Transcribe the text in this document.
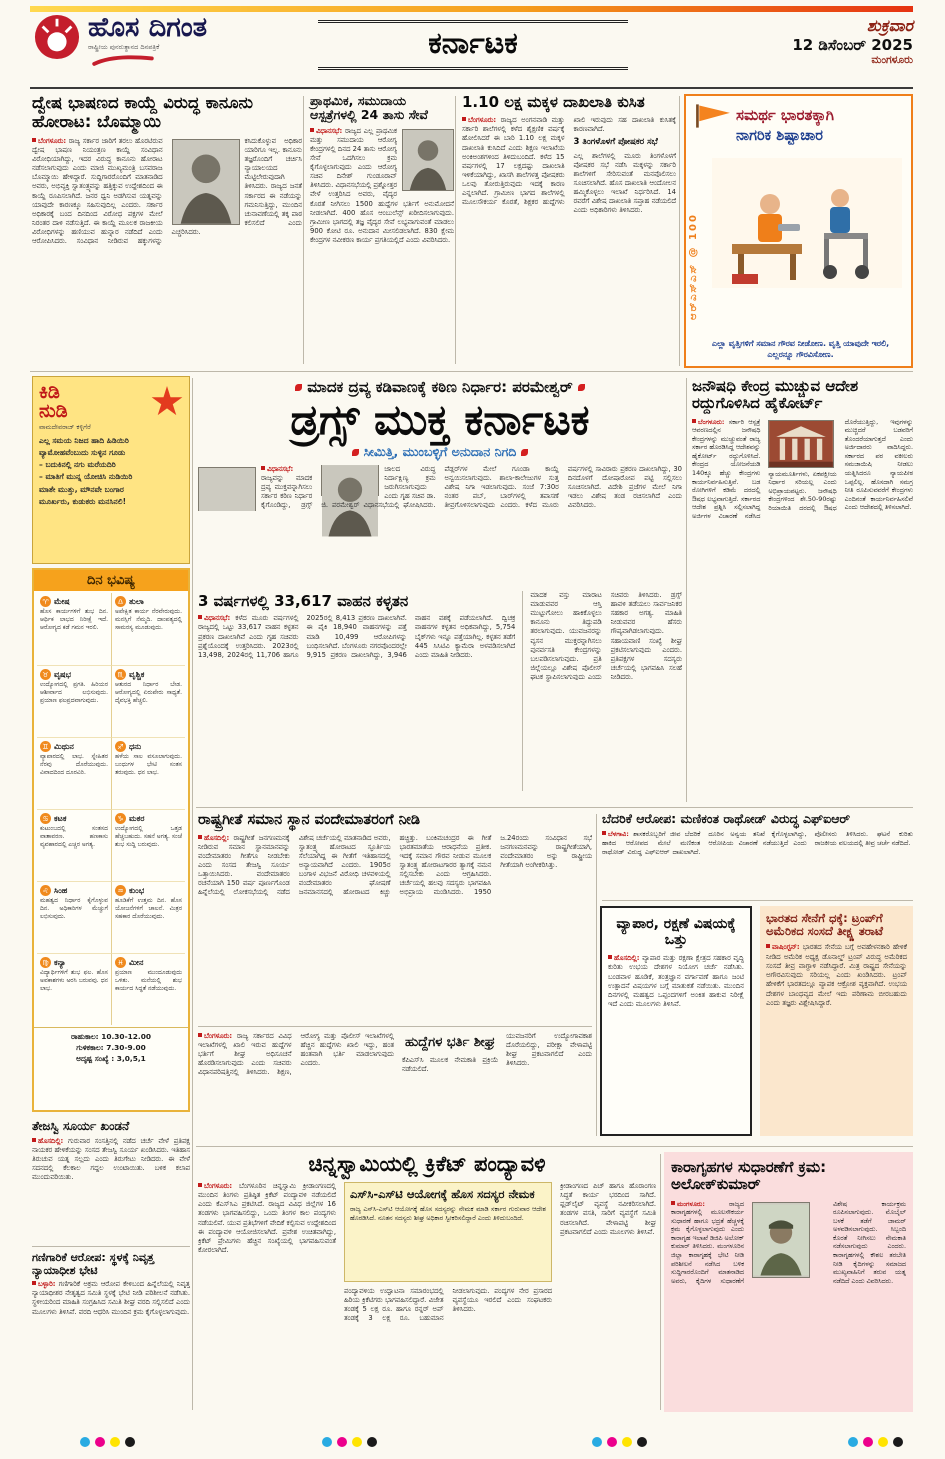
ಹೊಸ ದಿಗಂತ
ರಾಷ್ಟ್ರೀಯ ಪುನರುತ್ಥಾನದ ದಿನಪತ್ರಿಕೆ	ಕರ್ನಾಟಕ
ಶುಕ್ರವಾರ
12 ಡಿಸೆಂಬರ್ 2025
ಮಂಗಳೂರು
ದ್ವೇಷ ಭಾಷಣದ ಕಾಯ್ದೆ ವಿರುದ್ಧ ಕಾನೂನು ಹೋರಾಟ: ಬೊಮ್ಮಾಯಿ
ಬೆಂಗಳೂರು: ರಾಜ್ಯ ಸರ್ಕಾರ ಜಾರಿಗೆ ತರಲು ಹೊರಟಿರುವ ದ್ವೇಷ ಭಾಷಣ ನಿಯಂತ್ರಣ ಕಾಯ್ದೆ ಸಂವಿಧಾನ ವಿರೋಧಿಯಾಗಿದ್ದು, ಇದರ ವಿರುದ್ಧ ಕಾನೂನು ಹೋರಾಟ ನಡೆಸಲಾಗುವುದು ಎಂದು ಮಾಜಿ ಮುಖ್ಯಮಂತ್ರಿ ಬಸವರಾಜ ಬೊಮ್ಮಾಯಿ ಹೇಳಿದ್ದಾರೆ. ಸುದ್ದಿಗಾರರೊಂದಿಗೆ ಮಾತನಾಡಿದ ಅವರು, ಅಭಿವ್ಯಕ್ತಿ ಸ್ವಾತಂತ್ರ್ಯವನ್ನು ಹತ್ತಿಕ್ಕುವ ಉದ್ದೇಶದಿಂದ ಈ ಕಾಯ್ದೆ ರೂಪಿಸಲಾಗಿದೆ. ಜನರ ಧ್ವನಿ ಅಡಗಿಸುವ ಯತ್ನವನ್ನು ಯಾವುದೇ ಕಾರಣಕ್ಕೂ ಸಹಿಸುವುದಿಲ್ಲ ಎಂದರು. ಸರ್ಕಾರ ಅಧಿಕಾರಕ್ಕೆ ಬಂದ ದಿನದಿಂದ ವಿರೋಧ ಪಕ್ಷಗಳ ಮೇಲೆ ನಿರಂತರ ದಾಳಿ ನಡೆಸುತ್ತಿದೆ. ಈ ಕಾಯ್ದೆ ಮೂಲಕ ರಾಜಕೀಯ ವಿರೋಧಿಗಳನ್ನು ಹಣಿಯುವ ಹುನ್ನಾರ ನಡೆದಿದೆ ಎಂದು ಆರೋಪಿಸಿದರು. ಸಂವಿಧಾನ ನೀಡಿರುವ ಹಕ್ಕುಗಳನ್ನು ಕಸಿದುಕೊಳ್ಳುವ ಅಧಿಕಾರ ಯಾರಿಗೂ ಇಲ್ಲ. ಕಾನೂನು ತಜ್ಞರೊಂದಿಗೆ ಚರ್ಚಿಸಿ ನ್ಯಾಯಾಲಯದ ಮೆಟ್ಟಿಲೇರುವುದಾಗಿ ತಿಳಿಸಿದರು. ರಾಜ್ಯದ ಜನತೆ ಸರ್ಕಾರದ ಈ ನಡೆಯನ್ನು ಗಮನಿಸುತ್ತಿದ್ದು, ಮುಂದಿನ ಚುನಾವಣೆಯಲ್ಲಿ ತಕ್ಕ ಪಾಠ ಕಲಿಸಲಿದೆ ಎಂದು ಎಚ್ಚರಿಸಿದರು.
ಪ್ರಾಥಮಿಕ, ಸಮುದಾಯ ಆಸ್ಪತ್ರೆಗಳಲ್ಲಿ 24 ತಾಸು ಸೇವೆ
ವಿಧಾನಸಭೆ: ರಾಜ್ಯದ ಎಲ್ಲ ಪ್ರಾಥಮಿಕ ಮತ್ತು ಸಮುದಾಯ ಆರೋಗ್ಯ ಕೇಂದ್ರಗಳಲ್ಲಿ ದಿನದ 24 ತಾಸು ಆರೋಗ್ಯ ಸೇವೆ ಒದಗಿಸಲು ಕ್ರಮ ಕೈಗೊಳ್ಳಲಾಗುವುದು ಎಂದು ಆರೋಗ್ಯ ಸಚಿವ ದಿನೇಶ್ ಗುಂಡೂರಾವ್ ತಿಳಿಸಿದರು. ವಿಧಾನಸಭೆಯಲ್ಲಿ ಪ್ರಶ್ನೋತ್ತರ ವೇಳೆ ಉತ್ತರಿಸಿದ ಅವರು, ವೈದ್ಯರ ಕೊರತೆ ನೀಗಿಸಲು 1500 ಹುದ್ದೆಗಳ ಭರ್ತಿಗೆ ಅನುಮೋದನೆ ನೀಡಲಾಗಿದೆ. 400 ಹೊಸ ಆಂಬುಲೆನ್ಸ್ ಖರೀದಿಸಲಾಗುವುದು. ಗ್ರಾಮೀಣ ಭಾಗದಲ್ಲಿ ತಜ್ಞ ವೈದ್ಯರ ಸೇವೆ ಲಭ್ಯವಾಗುವಂತೆ ಮಾಡಲು 900 ಕೋಟಿ ರೂ. ಅನುದಾನ ಮೀಸಲಿಡಲಾಗಿದೆ. 830 ಕ್ಷೇಮ ಕೇಂದ್ರಗಳ ನವೀಕರಣ ಕಾರ್ಯ ಪ್ರಗತಿಯಲ್ಲಿದೆ ಎಂದು ವಿವರಿಸಿದರು.
1.10 ಲಕ್ಷ ಮಕ್ಕಳ ದಾಖಲಾತಿ ಕುಸಿತ
ಬೆಂಗಳೂರು: ರಾಜ್ಯದ ಅಂಗನವಾಡಿ ಮತ್ತು ಸರ್ಕಾರಿ ಶಾಲೆಗಳಲ್ಲಿ ಕಳೆದ ಶೈಕ್ಷಣಿಕ ವರ್ಷಕ್ಕೆ ಹೋಲಿಸಿದರೆ ಈ ಬಾರಿ 1.10 ಲಕ್ಷ ಮಕ್ಕಳ ದಾಖಲಾತಿ ಕುಸಿದಿದೆ ಎಂದು ಶಿಕ್ಷಣ ಇಲಾಖೆಯ ಅಂಕಿಅಂಶಗಳಿಂದ ತಿಳಿದುಬಂದಿದೆ. ಕಳೆದ 15 ವರ್ಷಗಳಲ್ಲಿ 17 ಲಕ್ಷದಷ್ಟು ದಾಖಲಾತಿ ಇಳಿಕೆಯಾಗಿದ್ದು, ಖಾಸಗಿ ಶಾಲೆಗಳತ್ತ ಪೋಷಕರು ಒಲವು ತೋರುತ್ತಿರುವುದು ಇದಕ್ಕೆ ಕಾರಣ ಎನ್ನಲಾಗಿದೆ. ಗ್ರಾಮೀಣ ಭಾಗದ ಶಾಲೆಗಳಲ್ಲಿ ಮೂಲಸೌಕರ್ಯ ಕೊರತೆ, ಶಿಕ್ಷಕರ ಹುದ್ದೆಗಳು ಖಾಲಿ ಇರುವುದು ಸಹ ದಾಖಲಾತಿ ಕುಸಿತಕ್ಕೆ ಕಾರಣವಾಗಿದೆ.
3 ತಿಂಗಳೊಳಗೆ ಪೋಷಕರ ಸಭೆ
ಎಲ್ಲ ಶಾಲೆಗಳಲ್ಲಿ ಮೂರು ತಿಂಗಳೊಳಗೆ ಪೋಷಕರ ಸಭೆ ನಡೆಸಿ ಮಕ್ಕಳನ್ನು ಸರ್ಕಾರಿ ಶಾಲೆಗಳಿಗೆ ಸೇರಿಸುವಂತೆ ಮನವೊಲಿಸಲು ಸೂಚಿಸಲಾಗಿದೆ. ಹೊಸ ದಾಖಲಾತಿ ಆಂದೋಲನ ಹಮ್ಮಿಕೊಳ್ಳಲು ಇಲಾಖೆ ನಿರ್ಧರಿಸಿದೆ. 14 ರವರೆಗೆ ವಿಶೇಷ ದಾಖಲಾತಿ ಸಪ್ತಾಹ ನಡೆಯಲಿದೆ ಎಂದು ಅಧಿಕಾರಿಗಳು ತಿಳಿಸಿದರು.
ಸಮರ್ಥ ಭಾರತಕ್ಕಾಗಿ
ನಾಗರಿಕ ಶಿಷ್ಟಾಚಾರ
ಆರ್‌ಎಸ್‌ಎಸ್ @ 100
ಎಲ್ಲಾ ವೃತ್ತಿಗಳಿಗೆ ಸಮಾನ ಗೌರವ ನೀಡೋಣ. ವೃತ್ತಿ ಯಾವುದೇ ಇರಲಿ, ಎಲ್ಲರನ್ನೂ ಗೌರವಿಸೋಣ.
ಕಿಡಿ
ನುಡಿ
ವಾಮದೇವರಾಜ್ ಕಳ್ಳಿಗೆರೆ
ಎಲ್ಲ ಸಮಯ ನಿಜದ ಹಾದಿ ಹಿಡಿಯಿರಿ
ವ್ಯಾಮೋಹವೆಂಬುದು ಸುಳ್ಳಿನ ಗೂಡು
– ಬದುಕಿನಲ್ಲಿ ನಗು ಮರೆಯದಿರಿ
– ಮಾತಿಗೆ ಮುನ್ನ ಯೋಚಿಸಿ ನುಡಿಯಿರಿ
ಮಾತೇ ಮುತ್ತು, ಮೌನವೇ ಬಂಗಾರ
ಮೂರ್ಖರು, ಕುಡುಕರು ಮನಸಿನಲಿ!
ದಿನ ಭವಿಷ್ಯ
♈ ಮೇಷ
ಹೊಸ ಕಾರ್ಯಗಳಿಗೆ ಶುಭ ದಿನ. ಆರ್ಥಿಕ ಲಾಭದ ನಿರೀಕ್ಷೆ ಇದೆ. ಆರೋಗ್ಯದ ಕಡೆ ಗಮನ ಇರಲಿ.
♎ ತುಲಾ
ಅಪೇಕ್ಷಿತ ಕಾರ್ಯ ನೆರವೇರುವುದು. ಮನಸ್ಸಿಗೆ ನೆಮ್ಮದಿ. ದಾಂಪತ್ಯದಲ್ಲಿ ಸಾಮರಸ್ಯ ಮೂಡುವುದು.
♉ ವೃಷಭ
ಉದ್ಯೋಗದಲ್ಲಿ ಪ್ರಗತಿ. ಹಿರಿಯರ ಆಶೀರ್ವಾದ ಲಭಿಸುವುದು. ಪ್ರಯಾಣ ಫಲಪ್ರದವಾಗುವುದು.
♏ ವೃಶ್ಚಿಕ
ಆತುರದ ನಿರ್ಧಾರ ಬೇಡ. ಆರೋಗ್ಯದಲ್ಲಿ ಏರುಪೇರು ಸಾಧ್ಯತೆ. ದೈವಭಕ್ತಿ ಹೆಚ್ಚಲಿ.
♊ ಮಿಥುನ
ವ್ಯಾಪಾರದಲ್ಲಿ ಲಾಭ. ಸ್ನೇಹಿತರ ನೆರವು ದೊರೆಯುವುದು. ವಿವಾದದಿಂದ ದೂರವಿರಿ.
♐ ಧನು
ಹಳೆಯ ಸಾಲ ವಸೂಲಾಗುವುದು. ಬಂಧುಗಳ ಭೇಟಿ ಸಂತಸ ತರುವುದು. ಧನ ಲಾಭ.
♋ ಕಟಕ
ಕುಟುಂಬದಲ್ಲಿ ಸಂತಸದ ವಾತಾವರಣ. ಹಣಕಾಸು ವ್ಯವಹಾರದಲ್ಲಿ ಎಚ್ಚರ ಅಗತ್ಯ.
♑ ಮಕರ
ಉದ್ಯೋಗದಲ್ಲಿ ಒತ್ತಡ ಹೆಚ್ಚಬಹುದು. ಸಹನೆ ಅಗತ್ಯ. ಸಂಜೆ ಶುಭ ಸುದ್ದಿ ಬರುವುದು.
♌ ಸಿಂಹ
ಮಹತ್ವದ ನಿರ್ಧಾರ ಕೈಗೊಳ್ಳುವ ದಿನ. ಅಧಿಕಾರಿಗಳ ಮೆಚ್ಚುಗೆ ಲಭಿಸುವುದು.
♒ ಕುಂಭ
ಹೂಡಿಕೆಗೆ ಉತ್ತಮ ದಿನ. ಹೊಸ ಯೋಜನೆಗಳಿಗೆ ಚಾಲನೆ. ಮಿತ್ರರ ಸಹಕಾರ ದೊರೆಯುವುದು.
♍ ಕನ್ಯಾ
ವಿದ್ಯಾರ್ಥಿಗಳಿಗೆ ಶುಭ ಫಲ. ಹೊಸ ಅವಕಾಶಗಳು ಅರಸಿ ಬರುವವು. ಧನ ಲಾಭ.
♓ ಮೀನ
ಪ್ರಯಾಣ ಮುಂದೂಡುವುದು ಒಳಿತು. ಮನೆಯಲ್ಲಿ ಶುಭ ಕಾರ್ಯದ ಸಿದ್ಧತೆ ನಡೆಯುವುದು.
ರಾಹುಕಾಲ: 10.30-12.00
ಗುಳಿಕಕಾಲ: 7.30-9.00
ಅದೃಷ್ಟ ಸಂಖ್ಯೆ : 3,0,5,1
ತೇಜಸ್ವಿ ಸೂರ್ಯ ಖಂಡನೆ
ಹೊಸದಿಲ್ಲಿ: ಗುರುವಾರ ಸಂಸತ್ತಿನಲ್ಲಿ ನಡೆದ ಚರ್ಚೆ ವೇಳೆ ಪ್ರತಿಪಕ್ಷ ನಾಯಕರ ಹೇಳಿಕೆಯನ್ನು ಸಂಸದ ತೇಜಸ್ವಿ ಸೂರ್ಯ ಖಂಡಿಸಿದರು. ಇತಿಹಾಸ ತಿರುಚುವ ಯತ್ನ ಸಲ್ಲದು ಎಂದು ತಿರುಗೇಟು ನೀಡಿದರು. ಈ ವೇಳೆ ಸದನದಲ್ಲಿ ಕೆಲಕಾಲ ಗದ್ದಲ ಉಂಟಾಯಿತು. ಬಳಿಕ ಕಲಾಪ ಮುಂದುವರಿಯಿತು.
ಗಣಿಗಾರಿಕೆ ಆರೋಪ: ಸ್ಥಳಕ್ಕೆ ನಿವೃತ್ತ ನ್ಯಾಯಾಧೀಶ ಭೇಟಿ
ಬಳ್ಳಾರಿ: ಗಣಿಗಾರಿಕೆ ಅಕ್ರಮ ಆರೋಪ ಕೇಳಿಬಂದ ಹಿನ್ನೆಲೆಯಲ್ಲಿ ನಿವೃತ್ತ ನ್ಯಾಯಾಧೀಶರ ನೇತೃತ್ವದ ಸಮಿತಿ ಸ್ಥಳಕ್ಕೆ ಭೇಟಿ ನೀಡಿ ಪರಿಶೀಲನೆ ನಡೆಸಿತು. ಸ್ಥಳೀಯರಿಂದ ಮಾಹಿತಿ ಸಂಗ್ರಹಿಸಿದ ಸಮಿತಿ ಶೀಘ್ರ ವರದಿ ಸಲ್ಲಿಸಲಿದೆ ಎಂದು ಮೂಲಗಳು ತಿಳಿಸಿವೆ. ವರದಿ ಆಧರಿಸಿ ಮುಂದಿನ ಕ್ರಮ ಕೈಗೊಳ್ಳಲಾಗುವುದು.
ಮಾದಕ ದ್ರವ್ಯ ಕಡಿವಾಣಕ್ಕೆ ಕಠಿಣ ನಿರ್ಧಾರ: ಪರಮೇಶ್ವರ್
ಡ್ರಗ್ಸ್ ಮುಕ್ತ ಕರ್ನಾಟಕ
ಸೀಮಿತ್ತಿ, ಮುಂಬಳ್ಳಿಗೆ ಅನುದಾನ ನಿಗದಿ
ವಿಧಾನಸಭೆ: ರಾಜ್ಯವನ್ನು ಮಾದಕ ದ್ರವ್ಯ ಮುಕ್ತವನ್ನಾಗಿಸಲು ಸರ್ಕಾರ ಕಠಿಣ ನಿರ್ಧಾರ ಕೈಗೊಂಡಿದ್ದು, ಡ್ರಗ್ಸ್ ಜಾಲದ ವಿರುದ್ಧ ನಿರ್ದಾಕ್ಷಿಣ್ಯ ಕ್ರಮ ಜರುಗಿಸಲಾಗುವುದು ಎಂದು ಗೃಹ ಸಚಿವ ಡಾ. ಜಿ. ಪರಮೇಶ್ವರ್ ವಿಧಾನಸಭೆಯಲ್ಲಿ ಘೋಷಿಸಿದರು. ಪೆಡ್ಲರ್‌ಗಳ ಮೇಲೆ ಗೂಂಡಾ ಕಾಯ್ದೆ ಅನ್ವಯಿಸಲಾಗುವುದು. ಶಾಲಾ-ಕಾಲೇಜುಗಳ ಸುತ್ತ ವಿಶೇಷ ನಿಗಾ ಇಡಲಾಗುವುದು. ಸಂಜೆ 7:30ರ ನಂತರ ಪಬ್, ಬಾರ್‌ಗಳಲ್ಲಿ ತಪಾಸಣೆ ತೀವ್ರಗೊಳಿಸಲಾಗುವುದು ಎಂದರು. ಕಳೆದ ಮೂರು ವರ್ಷಗಳಲ್ಲಿ ಸಾವಿರಾರು ಪ್ರಕರಣ ದಾಖಲಾಗಿದ್ದು, 30 ದಿನದೊಳಗೆ ದೋಷಾರೋಪ ಪಟ್ಟಿ ಸಲ್ಲಿಸಲು ಸೂಚಿಸಲಾಗಿದೆ. ವಿದೇಶಿ ಪ್ರಜೆಗಳ ಮೇಲೆ ನಿಗಾ ಇಡಲು ವಿಶೇಷ ತಂಡ ರಚಿಸಲಾಗಿದೆ ಎಂದು ವಿವರಿಸಿದರು.
3 ವರ್ಷಗಳಲ್ಲಿ 33,617 ವಾಹನ ಕಳ್ಳತನ
ವಿಧಾನಸಭೆ: ಕಳೆದ ಮೂರು ವರ್ಷಗಳಲ್ಲಿ ರಾಜ್ಯದಲ್ಲಿ ಒಟ್ಟು 33,617 ವಾಹನ ಕಳ್ಳತನ ಪ್ರಕರಣ ದಾಖಲಾಗಿವೆ ಎಂದು ಗೃಹ ಸಚಿವರು ಪ್ರಶ್ನೆಯೊಂದಕ್ಕೆ ಉತ್ತರಿಸಿದರು. 2023ರಲ್ಲಿ 13,498, 2024ರಲ್ಲಿ 11,706 ಹಾಗೂ 2025ರಲ್ಲಿ 8,413 ಪ್ರಕರಣ ದಾಖಲಾಗಿವೆ. ಈ ಪೈಕಿ 18,940 ವಾಹನಗಳನ್ನು ಪತ್ತೆ ಮಾಡಿ 10,499 ಆರೋಪಿಗಳನ್ನು ಬಂಧಿಸಲಾಗಿದೆ. ಬೆಂಗಳೂರು ನಗರವೊಂದರಲ್ಲೇ 9,915 ಪ್ರಕರಣ ದಾಖಲಾಗಿದ್ದು, 3,946 ವಾಹನ ವಶಕ್ಕೆ ಪಡೆಯಲಾಗಿದೆ. ದ್ವಿಚಕ್ರ ವಾಹನಗಳ ಕಳ್ಳತನ ಅಧಿಕವಾಗಿದ್ದು, 5,754 ಬೈಕ್‌ಗಳು ಇನ್ನೂ ಪತ್ತೆಯಾಗಿಲ್ಲ. ಕಳ್ಳತನ ತಡೆಗೆ 445 ಸಿಸಿಟಿವಿ ಕ್ಯಾಮೆರಾ ಅಳವಡಿಸಲಾಗಿದೆ ಎಂದು ಮಾಹಿತಿ ನೀಡಿದರು.
ಮಾದಕ ವಸ್ತು ಮಾರಾಟ ಮಾಡುವವರ ಆಸ್ತಿ ಮುಟ್ಟುಗೋಲು ಹಾಕಿಕೊಳ್ಳಲು ಕಾನೂನು ತಿದ್ದುಪಡಿ ತರಲಾಗುವುದು. ಯುವಜನರನ್ನು ವ್ಯಸನ ಮುಕ್ತರನ್ನಾಗಿಸಲು ಪುನರ್ವಸತಿ ಕೇಂದ್ರಗಳನ್ನು ಬಲಪಡಿಸಲಾಗುವುದು. ಪ್ರತಿ ಜಿಲ್ಲೆಯಲ್ಲೂ ವಿಶೇಷ ಪೊಲೀಸ್ ಘಟಕ ಸ್ಥಾಪಿಸಲಾಗುವುದು ಎಂದು ಸಚಿವರು ತಿಳಿಸಿದರು. ಡ್ರಗ್ಸ್ ಹಾವಳಿ ತಡೆಯಲು ಸಾರ್ವಜನಿಕರ ಸಹಕಾರ ಅಗತ್ಯ. ಮಾಹಿತಿ ನೀಡುವವರ ಹೆಸರು ಗೌಪ್ಯವಾಗಿಡಲಾಗುವುದು. ಸಹಾಯವಾಣಿ ಸಂಖ್ಯೆ ಶೀಘ್ರ ಪ್ರಕಟಿಸಲಾಗುವುದು ಎಂದರು. ಪ್ರತಿಪಕ್ಷಗಳ ಸದಸ್ಯರು ಚರ್ಚೆಯಲ್ಲಿ ಭಾಗವಹಿಸಿ ಸಲಹೆ ನೀಡಿದರು.
ಜನೌಷಧಿ ಕೇಂದ್ರ ಮುಚ್ಚುವ ಆದೇಶ ರದ್ದುಗೊಳಿಸಿದ ಹೈಕೋರ್ಟ್
ಬೆಂಗಳೂರು: ಸರ್ಕಾರಿ ಆಸ್ಪತ್ರೆ ಆವರಣದಲ್ಲಿನ ಜನೌಷಧಿ ಕೇಂದ್ರಗಳನ್ನು ಮುಚ್ಚುವಂತೆ ರಾಜ್ಯ ಸರ್ಕಾರ ಹೊರಡಿಸಿದ್ದ ಆದೇಶವನ್ನು ಹೈಕೋರ್ಟ್ ರದ್ದುಗೊಳಿಸಿದೆ. ಕೇಂದ್ರದ ಯೋಜನೆಯಡಿ 140ಕ್ಕೂ ಹೆಚ್ಚು ಕೇಂದ್ರಗಳು ಕಾರ್ಯನಿರ್ವಹಿಸುತ್ತಿವೆ. ಬಡ ರೋಗಿಗಳಿಗೆ ಕಡಿಮೆ ದರದಲ್ಲಿ ಔಷಧ ಲಭ್ಯವಾಗುತ್ತಿದೆ. ಸರ್ಕಾರದ ಆದೇಶ ಪ್ರಶ್ನಿಸಿ ಸಲ್ಲಿಸಲಾಗಿದ್ದ ಅರ್ಜಿಗಳ ವಿಚಾರಣೆ ನಡೆಸಿದ ನ್ಯಾಯಮೂರ್ತಿಗಳು, ಏಕಪಕ್ಷೀಯ ನಿರ್ಧಾರ ಸರಿಯಲ್ಲ ಎಂದು ಅಭಿಪ್ರಾಯಪಟ್ಟರು. ಜನೌಷಧಿ ಕೇಂದ್ರಗಳಿಂದ ಶೇ.50-90ರಷ್ಟು ರಿಯಾಯಿತಿ ದರದಲ್ಲಿ ಔಷಧ ದೊರೆಯುತ್ತಿದ್ದು, ಇವುಗಳನ್ನು ಮುಚ್ಚಿದರೆ ಬಡವರಿಗೆ ತೊಂದರೆಯಾಗುತ್ತದೆ ಎಂದು ಅರ್ಜಿದಾರರು ವಾದಿಸಿದ್ದರು. ಸರ್ಕಾರದ ಪರ ವಕೀಲರು ಸಮಜಾಯಿಷಿ ನೀಡಲು ಯತ್ನಿಸಿದರೂ ನ್ಯಾಯಪೀಠ ಒಪ್ಪಲಿಲ್ಲ. ಹೊಸದಾಗಿ ಸಮಗ್ರ ನೀತಿ ರೂಪಿಸುವವರೆಗೆ ಕೇಂದ್ರಗಳು ಎಂದಿನಂತೆ ಕಾರ್ಯನಿರ್ವಹಿಸಲಿವೆ ಎಂದು ಆದೇಶದಲ್ಲಿ ತಿಳಿಸಲಾಗಿದೆ.
ರಾಷ್ಟ್ರಗೀತೆ ಸಮಾನ ಸ್ಥಾನ ವಂದೇಮಾತರಂಗೆ ನೀಡಿ
ಹೊಸದಿಲ್ಲಿ: ರಾಷ್ಟ್ರಗೀತೆ ಜನಗಣಮನಕ್ಕೆ ನೀಡಿರುವ ಸಮಾನ ಸ್ಥಾನಮಾನವನ್ನು ವಂದೇಮಾತರಂ ಗೀತೆಗೂ ನೀಡಬೇಕು ಎಂದು ಸಂಸದ ತೇಜಸ್ವಿ ಸೂರ್ಯ ಒತ್ತಾಯಿಸಿದರು. ವಂದೇಮಾತರಂ ರಚನೆಯಾಗಿ 150 ವರ್ಷ ಪೂರ್ಣಗೊಂಡ ಹಿನ್ನೆಲೆಯಲ್ಲಿ ಲೋಕಸಭೆಯಲ್ಲಿ ನಡೆದ ವಿಶೇಷ ಚರ್ಚೆಯಲ್ಲಿ ಮಾತನಾಡಿದ ಅವರು, ಸ್ವಾತಂತ್ರ್ಯ ಹೋರಾಟದ ಸ್ಫೂರ್ತಿಯ ಸೆಲೆಯಾಗಿದ್ದ ಈ ಗೀತೆಗೆ ಇತಿಹಾಸದಲ್ಲಿ ಅನ್ಯಾಯವಾಗಿದೆ ಎಂದರು. 1905ರ ಬಂಗಾಳ ವಿಭಜನೆ ವಿರೋಧಿ ಚಳವಳಿಯಲ್ಲಿ ವಂದೇಮಾತರಂ ಘೋಷಣೆ ಜನಮಾನಸದಲ್ಲಿ ಹೋರಾಟದ ಕಿಚ್ಚು ಹಚ್ಚಿತ್ತು. ಬಂಕಿಮಚಂದ್ರರ ಈ ಗೀತೆ ಭಾರತಮಾತೆಯ ಆರಾಧನೆಯ ಪ್ರತೀಕ. ಇದಕ್ಕೆ ಸಮಾನ ಗೌರವ ನೀಡುವ ಮೂಲಕ ಸ್ವಾತಂತ್ರ್ಯ ಹೋರಾಟಗಾರರ ತ್ಯಾಗಕ್ಕೆ ನಮನ ಸಲ್ಲಿಸಬೇಕು ಎಂದು ಆಗ್ರಹಿಸಿದರು. ಚರ್ಚೆಯಲ್ಲಿ ಹಲವು ಸದಸ್ಯರು ಭಾಗವಹಿಸಿ ಅಭಿಪ್ರಾಯ ಮಂಡಿಸಿದರು. 1950 ಜ.24ರಂದು ಸಂವಿಧಾನ ಸಭೆ ಜನಗಣಮನವನ್ನು ರಾಷ್ಟ್ರಗೀತೆಯಾಗಿ, ವಂದೇಮಾತರಂ ಅನ್ನು ರಾಷ್ಟ್ರೀಯ ಗೀತೆಯಾಗಿ ಅಂಗೀಕರಿಸಿತ್ತು.
ಬೆಂಗಳೂರು: ರಾಜ್ಯ ಸರ್ಕಾರದ ವಿವಿಧ ಇಲಾಖೆಗಳಲ್ಲಿ ಖಾಲಿ ಇರುವ ಹುದ್ದೆಗಳ ಭರ್ತಿಗೆ ಶೀಘ್ರ ಅಧಿಸೂಚನೆ ಹೊರಡಿಸಲಾಗುವುದು ಎಂದು ಸಚಿವರು ವಿಧಾನಪರಿಷತ್ತಿನಲ್ಲಿ ತಿಳಿಸಿದರು. ಶಿಕ್ಷಣ, ಆರೋಗ್ಯ ಮತ್ತು ಪೊಲೀಸ್ ಇಲಾಖೆಗಳಲ್ಲಿ ಹೆಚ್ಚಿನ ಹುದ್ದೆಗಳು ಖಾಲಿ ಇದ್ದು, ಹಂತ ಹಂತವಾಗಿ ಭರ್ತಿ ಮಾಡಲಾಗುವುದು ಎಂದರು.
ಹುದ್ದೆಗಳ ಭರ್ತಿ ಶೀಘ್ರ
ಕೆಪಿಎಸ್‌ಸಿ ಮೂಲಕ ನೇಮಕಾತಿ ಪ್ರಕ್ರಿಯೆ ನಡೆಯಲಿದೆ.
ಯುವಜನರಿಗೆ ಉದ್ಯೋಗಾವಕಾಶ ದೊರೆಯಲಿದ್ದು, ಪರೀಕ್ಷಾ ವೇಳಾಪಟ್ಟಿ ಶೀಘ್ರ ಪ್ರಕಟವಾಗಲಿದೆ ಎಂದು ತಿಳಿಸಿದರು.
ಬೆದರಿಕೆ ಆರೋಪ: ಮಣಿಕಂತ ರಾಥೋಡ್ ವಿರುದ್ಧ ಎಫ್ಐಆರ್
ಬೆಳಗಾವಿ: ಶಾಸಕರೊಬ್ಬರಿಗೆ ಜೀವ ಬೆದರಿಕೆ ಹಾಕಿದ ಆರೋಪದ ಮೇಲೆ ಮಣಿಕಂತ ರಾಥೋಡ್ ವಿರುದ್ಧ ಎಫ್ಐಆರ್ ದಾಖಲಾಗಿದೆ. ದೂರಿನ ಅನ್ವಯ ತನಿಖೆ ಕೈಗೊಳ್ಳಲಾಗಿದ್ದು, ಆರೋಪಿಯ ವಿಚಾರಣೆ ನಡೆಯುತ್ತಿದೆ ಎಂದು ಪೊಲೀಸರು ತಿಳಿಸಿದರು. ಘಟನೆ ಕುರಿತು ರಾಜಕೀಯ ವಲಯದಲ್ಲಿ ತೀವ್ರ ಚರ್ಚೆ ನಡೆದಿದೆ.
ವ್ಯಾಪಾರ, ರಕ್ಷಣೆ ವಿಷಯಕ್ಕೆ ಒತ್ತು
ಹೊಸದಿಲ್ಲಿ: ವ್ಯಾಪಾರ ಮತ್ತು ರಕ್ಷಣಾ ಕ್ಷೇತ್ರದ ಸಹಕಾರ ವೃದ್ಧಿ ಕುರಿತು ಉಭಯ ದೇಶಗಳ ನಿಯೋಗ ಚರ್ಚೆ ನಡೆಸಿತು. ಬಂಡವಾಳ ಹೂಡಿಕೆ, ತಂತ್ರಜ್ಞಾನ ವರ್ಗಾವಣೆ ಹಾಗೂ ಜಂಟಿ ಉತ್ಪಾದನೆ ವಿಷಯಗಳ ಬಗ್ಗೆ ಮಾತುಕತೆ ನಡೆಯಿತು. ಮುಂದಿನ ದಿನಗಳಲ್ಲಿ ಮಹತ್ವದ ಒಪ್ಪಂದಗಳಿಗೆ ಅಂಕಿತ ಹಾಕುವ ನಿರೀಕ್ಷೆ ಇದೆ ಎಂದು ಮೂಲಗಳು ತಿಳಿಸಿವೆ.
ಭಾರತದ ಸೇನೆಗೆ ಧಕ್ಕೆ: ಟ್ರಂಪ್‌ಗೆ ಅಮೆರಿಕದ ಸಂಸದೆ ತೀಕ್ಷ್ಣ ತರಾಟೆ
ವಾಷಿಂಗ್ಟನ್: ಭಾರತದ ಸೇನೆಯ ಬಗ್ಗೆ ಅವಹೇಳನಕಾರಿ ಹೇಳಿಕೆ ನೀಡಿದ ಅಮೆರಿಕ ಅಧ್ಯಕ್ಷ ಡೊನಾಲ್ಡ್ ಟ್ರಂಪ್ ವಿರುದ್ಧ ಅಮೆರಿಕದ ಸಂಸದೆ ತೀವ್ರ ವಾಗ್ದಾಳಿ ನಡೆಸಿದ್ದಾರೆ. ಮಿತ್ರ ರಾಷ್ಟ್ರದ ಸೇನೆಯನ್ನು ಅಗೌರವಿಸುವುದು ಸರಿಯಲ್ಲ ಎಂದು ಖಂಡಿಸಿದರು. ಟ್ರಂಪ್ ಹೇಳಿಕೆಗೆ ಭಾರತದಲ್ಲೂ ವ್ಯಾಪಕ ಆಕ್ರೋಶ ವ್ಯಕ್ತವಾಗಿದೆ. ಉಭಯ ದೇಶಗಳ ಬಾಂಧವ್ಯದ ಮೇಲೆ ಇದು ಪರಿಣಾಮ ಬೀರಬಹುದು ಎಂದು ತಜ್ಞರು ವಿಶ್ಲೇಷಿಸಿದ್ದಾರೆ.
ಚಿನ್ನಸ್ವಾಮಿಯಲ್ಲಿ ಕ್ರಿಕೆಟ್ ಪಂದ್ಯಾವಳಿ
ಬೆಂಗಳೂರು: ಬೆಂಗಳೂರಿನ ಚಿನ್ನಸ್ವಾಮಿ ಕ್ರೀಡಾಂಗಣದಲ್ಲಿ ಮುಂದಿನ ತಿಂಗಳು ಪ್ರತಿಷ್ಠಿತ ಕ್ರಿಕೆಟ್ ಪಂದ್ಯಾವಳಿ ನಡೆಯಲಿದೆ ಎಂದು ಕೆಎಸ್‌ಸಿಎ ಪ್ರಕಟಿಸಿದೆ. ರಾಜ್ಯದ ವಿವಿಧ ಜಿಲ್ಲೆಗಳ 16 ತಂಡಗಳು ಭಾಗವಹಿಸಲಿದ್ದು, ಒಂದು ತಿಂಗಳ ಕಾಲ ಪಂದ್ಯಗಳು ನಡೆಯಲಿವೆ. ಯುವ ಪ್ರತಿಭೆಗಳಿಗೆ ವೇದಿಕೆ ಕಲ್ಪಿಸುವ ಉದ್ದೇಶದಿಂದ ಈ ಪಂದ್ಯಾವಳಿ ಆಯೋಜಿಸಲಾಗಿದೆ. ಪ್ರವೇಶ ಉಚಿತವಾಗಿದ್ದು, ಕ್ರಿಕೆಟ್ ಪ್ರೇಮಿಗಳು ಹೆಚ್ಚಿನ ಸಂಖ್ಯೆಯಲ್ಲಿ ಭಾಗವಹಿಸುವಂತೆ ಕೋರಲಾಗಿದೆ.
ಎಸ್‌ಸಿ-ಎಸ್‌ಟಿ ಆಯೋಗಕ್ಕೆ ಹೊಸ ಸದಸ್ಯರ ನೇಮಕ
ರಾಜ್ಯ ಎಸ್‌ಸಿ-ಎಸ್‌ಟಿ ಆಯೋಗಕ್ಕೆ ಹೊಸ ಸದಸ್ಯರನ್ನು ನೇಮಕ ಮಾಡಿ ಸರ್ಕಾರ ಗುರುವಾರ ಆದೇಶ ಹೊರಡಿಸಿದೆ. ನೂತನ ಸದಸ್ಯರು ಶೀಘ್ರ ಅಧಿಕಾರ ಸ್ವೀಕರಿಸಲಿದ್ದಾರೆ ಎಂದು ತಿಳಿದುಬಂದಿದೆ.
ಪಂದ್ಯಾವಳಿಯ ಉದ್ಘಾಟನಾ ಸಮಾರಂಭದಲ್ಲಿ ಹಿರಿಯ ಕ್ರಿಕೆಟಿಗರು ಭಾಗವಹಿಸಲಿದ್ದಾರೆ. ವಿಜೇತ ತಂಡಕ್ಕೆ 5 ಲಕ್ಷ ರೂ. ಹಾಗೂ ರನ್ನರ್ ಅಪ್ ತಂಡಕ್ಕೆ 3 ಲಕ್ಷ ರೂ. ಬಹುಮಾನ ನೀಡಲಾಗುವುದು. ಪಂದ್ಯಗಳ ನೇರ ಪ್ರಸಾರದ ವ್ಯವಸ್ಥೆಯೂ ಇರಲಿದೆ ಎಂದು ಸಂಘಟಕರು ತಿಳಿಸಿದರು.
ಕ್ರೀಡಾಂಗಣದ ಪಿಚ್ ಹಾಗೂ ಹೊರಾಂಗಣ ಸಿದ್ಧತೆ ಕಾರ್ಯ ಭರದಿಂದ ಸಾಗಿದೆ. ಫ್ಲಡ್‌ಲೈಟ್ ವ್ಯವಸ್ಥೆ ನವೀಕರಿಸಲಾಗಿದೆ. ತಂಡಗಳ ವಸತಿ, ಸಾರಿಗೆ ವ್ಯವಸ್ಥೆಗೆ ಸಮಿತಿ ರಚಿಸಲಾಗಿದೆ. ವೇಳಾಪಟ್ಟಿ ಶೀಘ್ರ ಪ್ರಕಟವಾಗಲಿದೆ ಎಂದು ಮೂಲಗಳು ತಿಳಿಸಿವೆ.
ಕಾರಾಗೃಹಗಳ ಸುಧಾರಣೆಗೆ ಕ್ರಮ: ಅಲೋಕ್‌ಕುಮಾರ್
ಮಂಗಳೂರು:	ರಾಜ್ಯದ ಕಾರಾಗೃಹಗಳಲ್ಲಿ ಮೂಲಸೌಕರ್ಯ ಸುಧಾರಣೆ ಹಾಗೂ ಭದ್ರತೆ ಹೆಚ್ಚಳಕ್ಕೆ ಕ್ರಮ ಕೈಗೊಳ್ಳಲಾಗುವುದು ಎಂದು ಕಾರಾಗೃಹ ಇಲಾಖೆ ಡಿಜಿಪಿ ಅಲೋಕ್ ಕುಮಾರ್ ತಿಳಿಸಿದರು. ಮಂಗಳೂರಿನ ಜಿಲ್ಲಾ ಕಾರಾಗೃಹಕ್ಕೆ ಭೇಟಿ ನೀಡಿ ಪರಿಶೀಲನೆ ನಡೆಸಿದ ಬಳಿಕ ಸುದ್ದಿಗಾರರೊಂದಿಗೆ ಮಾತನಾಡಿದ ಅವರು, ಕೈದಿಗಳ ಸುಧಾರಣೆಗೆ ವಿಶೇಷ ಕಾರ್ಯಕ್ರಮ ರೂಪಿಸಲಾಗುವುದು. ಮೊಬೈಲ್ ಬಳಕೆ ತಡೆಗೆ ಜಾಮರ್ ಅಳವಡಿಸಲಾಗುವುದು. ಸಿಬ್ಬಂದಿ ಕೊರತೆ ನೀಗಿಸಲು ನೇಮಕಾತಿ ನಡೆಸಲಾಗುವುದು ಎಂದರು. ಕಾರಾಗೃಹಗಳಲ್ಲಿ ಕೌಶಲ ತರಬೇತಿ ನೀಡಿ ಕೈದಿಗಳನ್ನು ಸಮಾಜದ ಮುಖ್ಯವಾಹಿನಿಗೆ ತರುವ ಯತ್ನ ನಡೆದಿದೆ ಎಂದು ವಿವರಿಸಿದರು.
